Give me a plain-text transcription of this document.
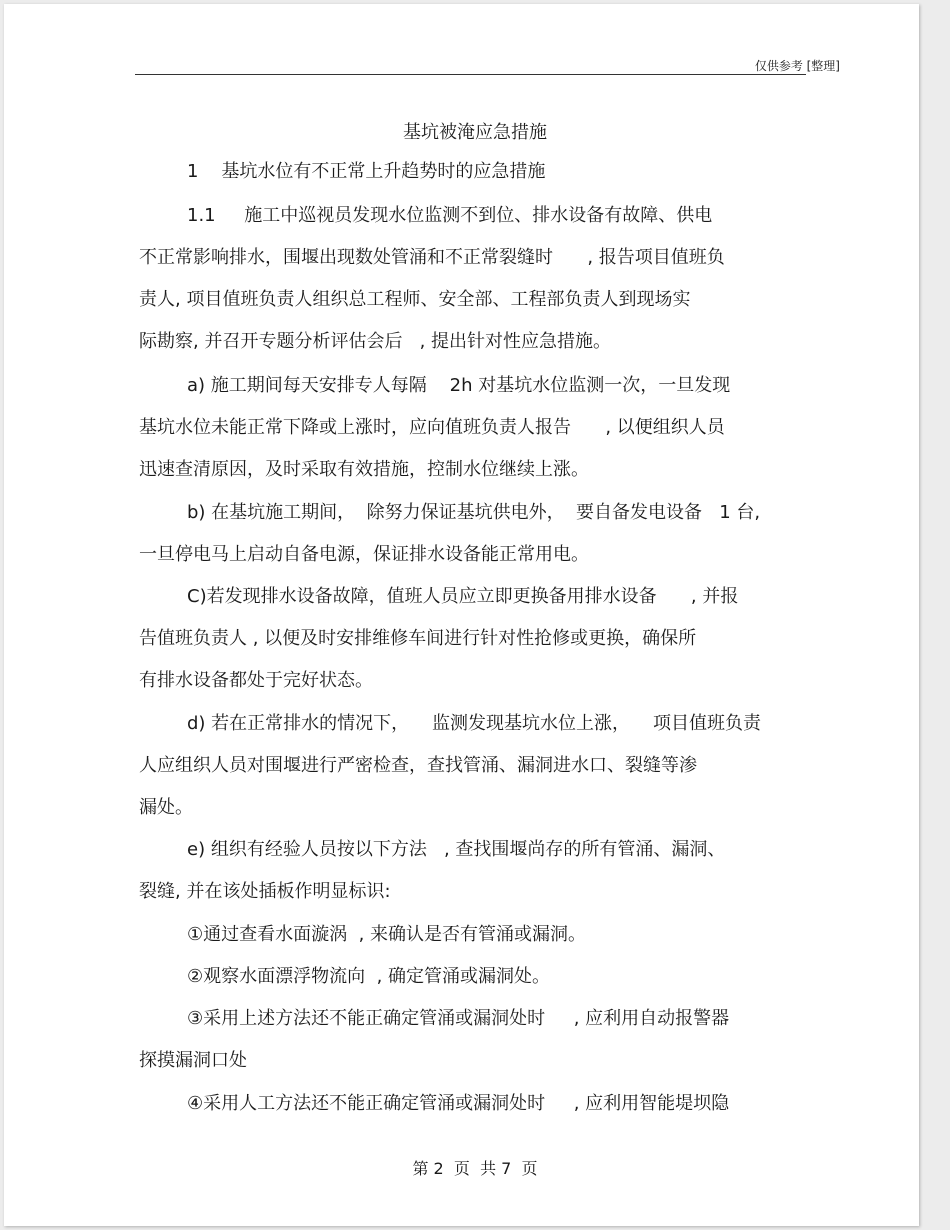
仅供参考 [整理]
基坑被淹应急措施
1    基坑水位有不正常上升趋势时的应急措施
1.1     施工中巡视员发现水位监测不到位、排水设备有故障、供电
不正常影响排水，围堰出现数处管涌和不正常裂缝时      , 报告项目值班负
责人, 项目值班负责人组织总工程师、安全部、工程部负责人到现场实
际勘察, 并召开专题分析评估会后   , 提出针对性应急措施。
a) 施工期间每天安排专人每隔    2h 对基坑水位监测一次，一旦发现
基坑水位未能正常下降或上涨时，应向值班负责人报告      , 以便组织人员
迅速查清原因，及时采取有效措施，控制水位继续上涨。
b) 在基坑施工期间，  除努力保证基坑供电外，  要自备发电设备   1 台,
一旦停电马上启动自备电源，保证排水设备能正常用电。
C)若发现排水设备故障，值班人员应立即更换备用排水设备      , 并报
告值班负责人 , 以便及时安排维修车间进行针对性抢修或更换，确保所
有排水设备都处于完好状态。
d) 若在正常排水的情况下，    监测发现基坑水位上涨，    项目值班负责
人应组织人员对围堰进行严密检查，查找管涌、漏洞进水口、裂缝等渗
漏处。
e) 组织有经验人员按以下方法   , 查找围堰尚存的所有管涌、漏洞、
裂缝, 并在该处插板作明显标识:
①通过查看水面漩涡  , 来确认是否有管涌或漏洞。
②观察水面漂浮物流向  , 确定管涌或漏洞处。
③采用上述方法还不能正确定管涌或漏洞处时     , 应利用自动报警器
探摸漏洞口处
④采用人工方法还不能正确定管涌或漏洞处时     , 应利用智能堤坝隐
第 2  页  共 7  页
